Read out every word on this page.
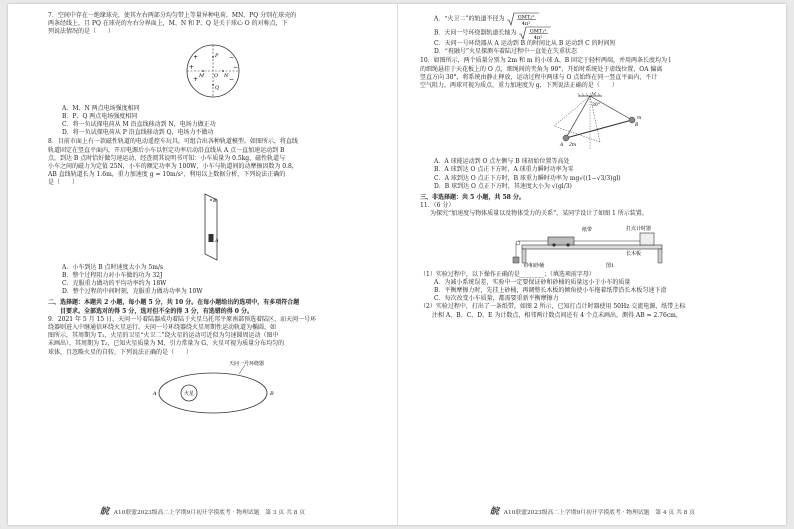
7．空间中存在一绝缘球壳，使其左右两部分均匀带上等量异种电荷，MN、PQ 分别在球壳的
两条经线上，且 PQ 在球壳的左右分界面上，M、N 和 P、Q 是关于球心 O 的对称点，下
列说法情况的是（　　）
+
+
+
−
−
−
P
Q
M	N
O
A．M、N 两点电场强度相同
B．P、Q 两点电场强度相同
C．将一负试探电荷从 M 沿直线移动到 N，电场力做正功
D．将一负试探电荷从 P 沿直线移动到 Q，电场力不做功
8．目前市面上有一款磁性轨道的电动遥控车玩具，可组合出各种轨道模型。如图所示，将直线
轨道固定在竖直平面内，开启电源后小车以恒定功率启动沿直线从 A 点一直加速运动到 B
点，到达 B 点时恰好做匀速运动，经查阅其说明书可知：小车质量为 0.5kg，磁性轨道与
小车之间的磁力为定值 25N，小车的额定功率为 100W，小车与轨道间的动摩擦因数为 0.8，
AB 直线轨道长为 1.6m，重力加速度 g = 10m/s²，利用以上数据分析，下列说法正确的
是（　　）
B
A
A．小车到达 B 点时速度大小为 5m/s
B．整个过程阻力对小车做的功为 32J
C．克服重力做功的平均功率约为 18W
D．整个过程的中间时刻，克服重力做功功率为 10W
二、选择题：本题共 2 小题，每小题 5 分，共 10 分。在每小题给出的选项中，有多项符合题
　　目要求。全部选对的得 5 分，选对但不全的得 3 分，有选错的得 0 分。
9．2021 年 5 月 15 日，天问一号着陆器成功着陆于火星乌托邦平原南部预选着陆区，而天问一号环
绕器则进入中继通信环绕火星运行。天问一号环绕器绕火星周期性运动轨道为椭圆，如
图所示，其周期为 T₁，火星的卫星“火卫二”绕火星的运动可近似为匀速圆周运动（图中
未画出），其周期为 T₂，已知火星质量为 M，引力常量为 G，火星可视为质量分布均匀的
球体，且忽略火星的自转，下列说法正确的是（　　）
火星
天问一号环绕器
A	B
皖 A10联盟2023级高二上学期9月初开学摸底考 · 物理试题　第 3 页 共 8 页
A．“火卫二”的轨道半径为	GMT₂²
4π²
B．天问一号环绕器轨道长轴为	GMT₁²
4π²
C．天问一号环绕器从 A 运动到 B 的时间比从 B 运动到 C 的时间短
D．“祝融号”火星探测车着陆过程中一直处在失重状态
10．如图所示，两个质量分别为 2m 和 m 的小球 A、B 固定于轻杆两端，并用两条长度均为 l
的细绳悬挂于天花板上的 O 点，细绳间的夹角为 90°，开始时系统处于虚线位置，OA 偏离
竖直方向 30°，将系统由静止释放，运动过程中两球与 O 点始终在同一竖直平面内，不计
空气阻力，两球可视为质点，重力加速度为 g，下列说法正确的是（　　）
O
30°
A
B
2m
m
A．A 球能运动到 O 点左侧与 B 球初始位置等高处
B．A 球到达 O 点正下方时，A 球重力瞬时功率为零
C．A 球到达 O 点正下方时，B 球重力瞬时功率为 mg√((1−√3/3)gl)
D．B 球到达 O 点正下方时，其速度大小为 √(gl/3)
三、非选择题：共 5 小题，共 58 分。
11．（6 分）
为探究“加速度与物体质量以及物体受力的关系”，某同学设计了如图 1 所示装置。
纸带	打点计时器
长木板
砂和砂桶	图1
（1）实验过程中，以下操作正确的是________；（填选项前字母）
A．为减小系统误差，实验中一定要保证砂和砂桶的质量远小于小车的质量
B．平衡摩擦力时，先挂上砂桶，再调整长木板的倾角使小车拖着纸带沿长木板匀速下滑
C．每次改变小车质量，都需要重新平衡摩擦力
（2）实验过程中，打出了一条纸带，如图 2 所示，已知打点计时器使用 50Hz 交流电源，纸带上标
　　注相 A、B、C、D、E 为计数点，相邻两计数点间还有 4 个点未画出，测得 AB = 2.76cm，
皖 A10联盟2023级高二上学期9月初开学摸底考 · 物理试题　第 4 页 共 8 页
